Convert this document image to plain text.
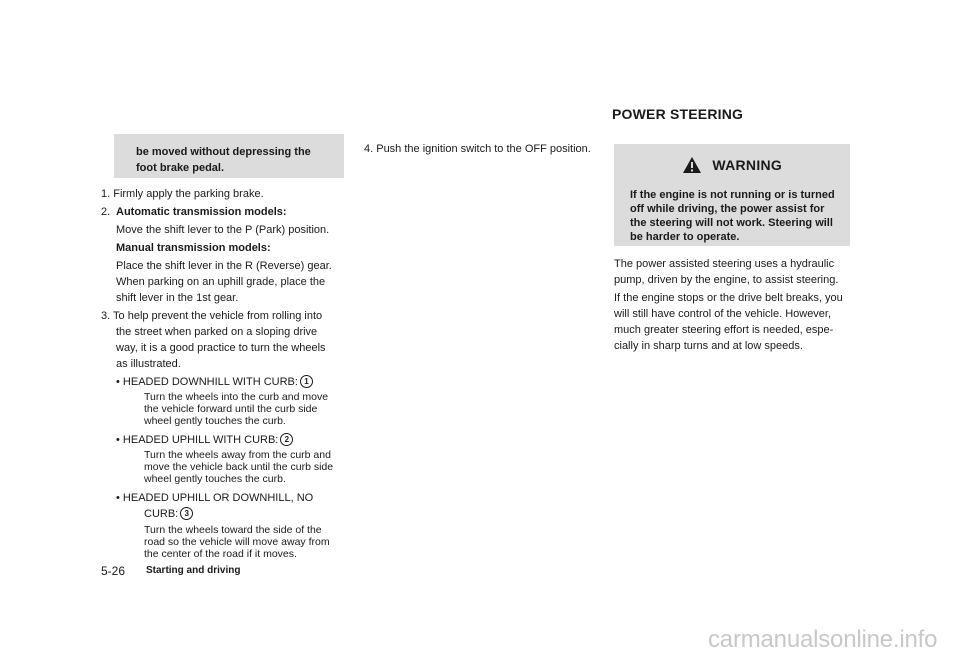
be moved without depressing the
foot brake pedal.
1. Firmly apply the parking brake.
2. Automatic transmission models:
Move the shift lever to the P (Park) position.
Manual transmission models:
Place the shift lever in the R (Reverse) gear.
When parking on an uphill grade, place the
shift lever in the 1st gear.
3. To help prevent the vehicle from rolling into
the street when parked on a sloping drive
way, it is a good practice to turn the wheels
as illustrated.
• HEADED DOWNHILL WITH CURB: 1
Turn the wheels into the curb and move
the vehicle forward until the curb side
wheel gently touches the curb.
• HEADED UPHILL WITH CURB: 2
Turn the wheels away from the curb and
move the vehicle back until the curb side
wheel gently touches the curb.
• HEADED UPHILL OR DOWNHILL, NO
CURB: 3
Turn the wheels toward the side of the
road so the vehicle will move away from
the center of the road if it moves.
4. Push the ignition switch to the OFF position.
POWER STEERING
WARNING
If the engine is not running or is turned
off while driving, the power assist for
the steering will not work. Steering will
be harder to operate.
The power assisted steering uses a hydraulic
pump, driven by the engine, to assist steering.
If the engine stops or the drive belt breaks, you
will still have control of the vehicle. However,
much greater steering effort is needed, espe-
cially in sharp turns and at low speeds.
5-26 Starting and driving
carmanualsonline.info
